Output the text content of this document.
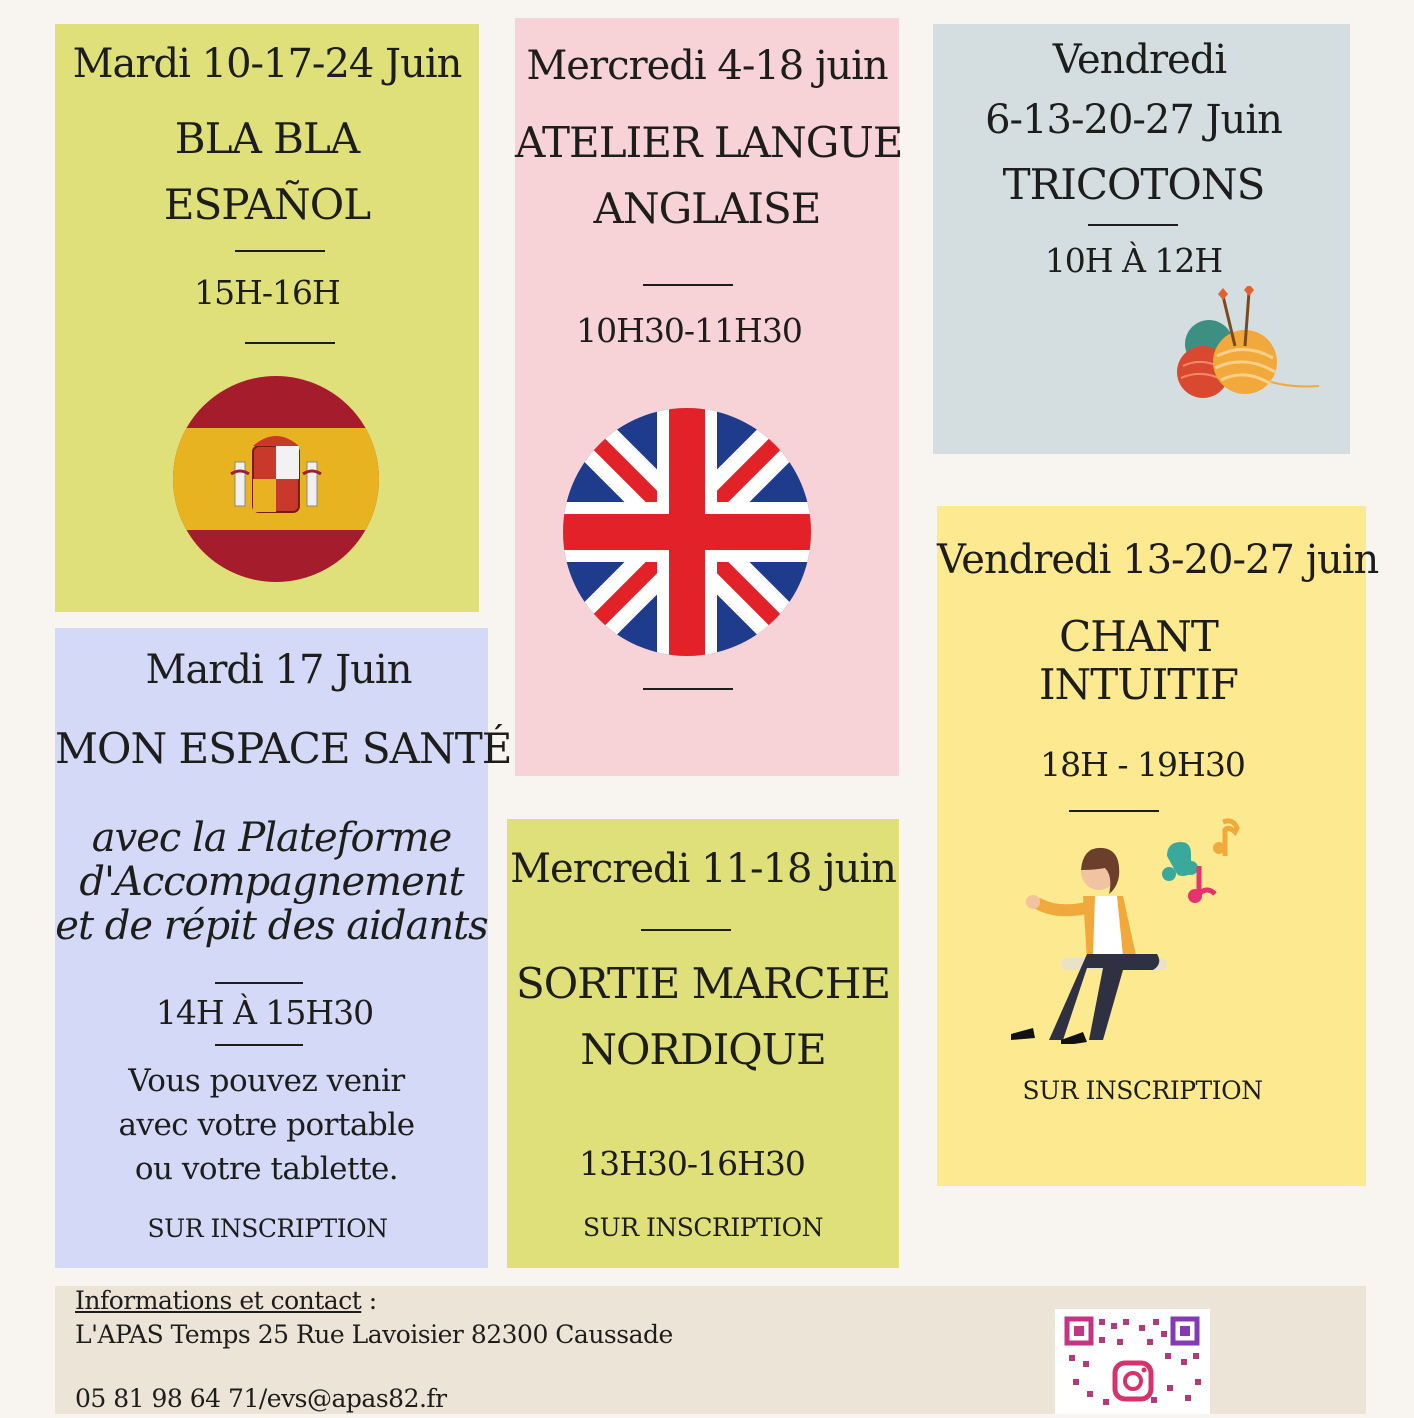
Mardi 10-17-24 Juin
BLA BLA
ESPAÑOL
15H-16H
Mercredi 4-18 juin
ATELIER LANGUE
ANGLAISE
10H30-11H30
Vendredi
6-13-20-27 Juin
TRICOTONS
10H À 12H
Vendredi 13-20-27 juin
CHANT
INTUITIF
18H - 19H30
SUR INSCRIPTION
Mardi 17 Juin
MON ESPACE SANTÉ
avec la Plateforme
d'Accompagnement
et de répit des aidants
14H À 15H30
Vous pouvez venir
avec votre portable
ou votre tablette.
SUR INSCRIPTION
Mercredi 11-18 juin
SORTIE MARCHE
NORDIQUE
13H30-16H30
SUR INSCRIPTION
Informations et contact :
L'APAS Temps 25 Rue Lavoisier 82300 Caussade
05 81 98 64 71/evs@apas82.fr
